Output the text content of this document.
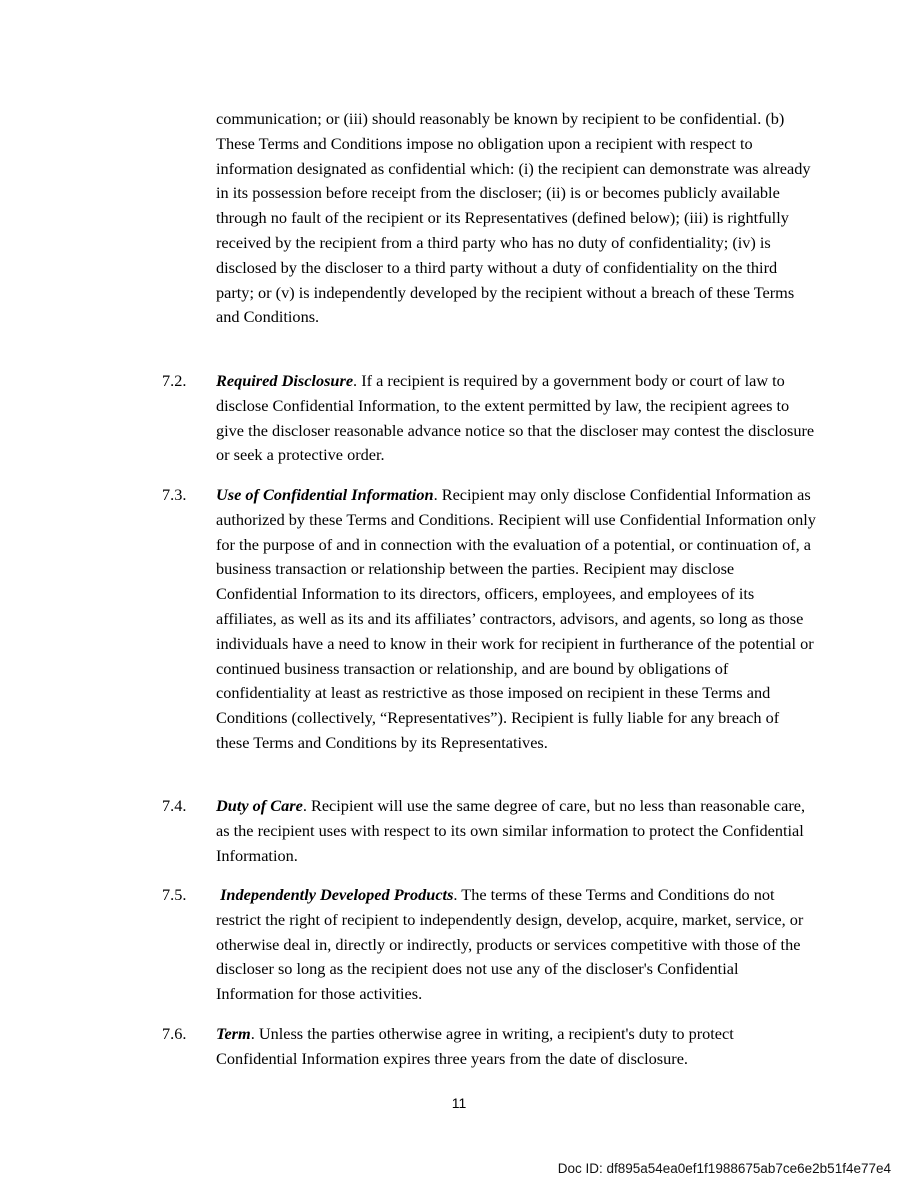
communication; or (iii) should reasonably be known by recipient to be confidential. (b) These Terms and Conditions impose no obligation upon a recipient with respect to information designated as confidential which: (i) the recipient can demonstrate was already in its possession before receipt from the discloser; (ii) is or becomes publicly available through no fault of the recipient or its Representatives (defined below); (iii) is rightfully received by the recipient from a third party who has no duty of confidentiality; (iv) is disclosed by the discloser to a third party without a duty of confidentiality on the third party; or (v) is independently developed by the recipient without a breach of these Terms and Conditions.

7.2. Required Disclosure. If a recipient is required by a government body or court of law to disclose Confidential Information, to the extent permitted by law, the recipient agrees to give the discloser reasonable advance notice so that the discloser may contest the disclosure or seek a protective order.

7.3. Use of Confidential Information. Recipient may only disclose Confidential Information as authorized by these Terms and Conditions. Recipient will use Confidential Information only for the purpose of and in connection with the evaluation of a potential, or continuation of, a business transaction or relationship between the parties. Recipient may disclose Confidential Information to its directors, officers, employees, and employees of its affiliates, as well as its and its affiliates’ contractors, advisors, and agents, so long as those individuals have a need to know in their work for recipient in furtherance of the potential or continued business transaction or relationship, and are bound by obligations of confidentiality at least as restrictive as those imposed on recipient in these Terms and Conditions (collectively, “Representatives”). Recipient is fully liable for any breach of these Terms and Conditions by its Representatives.

7.4. Duty of Care. Recipient will use the same degree of care, but no less than reasonable care, as the recipient uses with respect to its own similar information to protect the Confidential Information.

7.5. Independently Developed Products. The terms of these Terms and Conditions do not restrict the right of recipient to independently design, develop, acquire, market, service, or otherwise deal in, directly or indirectly, products or services competitive with those of the discloser so long as the recipient does not use any of the discloser's Confidential Information for those activities.

7.6. Term. Unless the parties otherwise agree in writing, a recipient's duty to protect Confidential Information expires three years from the date of disclosure.

11
Doc ID: df895a54ea0ef1f1988675ab7ce6e2b51f4e77e4
